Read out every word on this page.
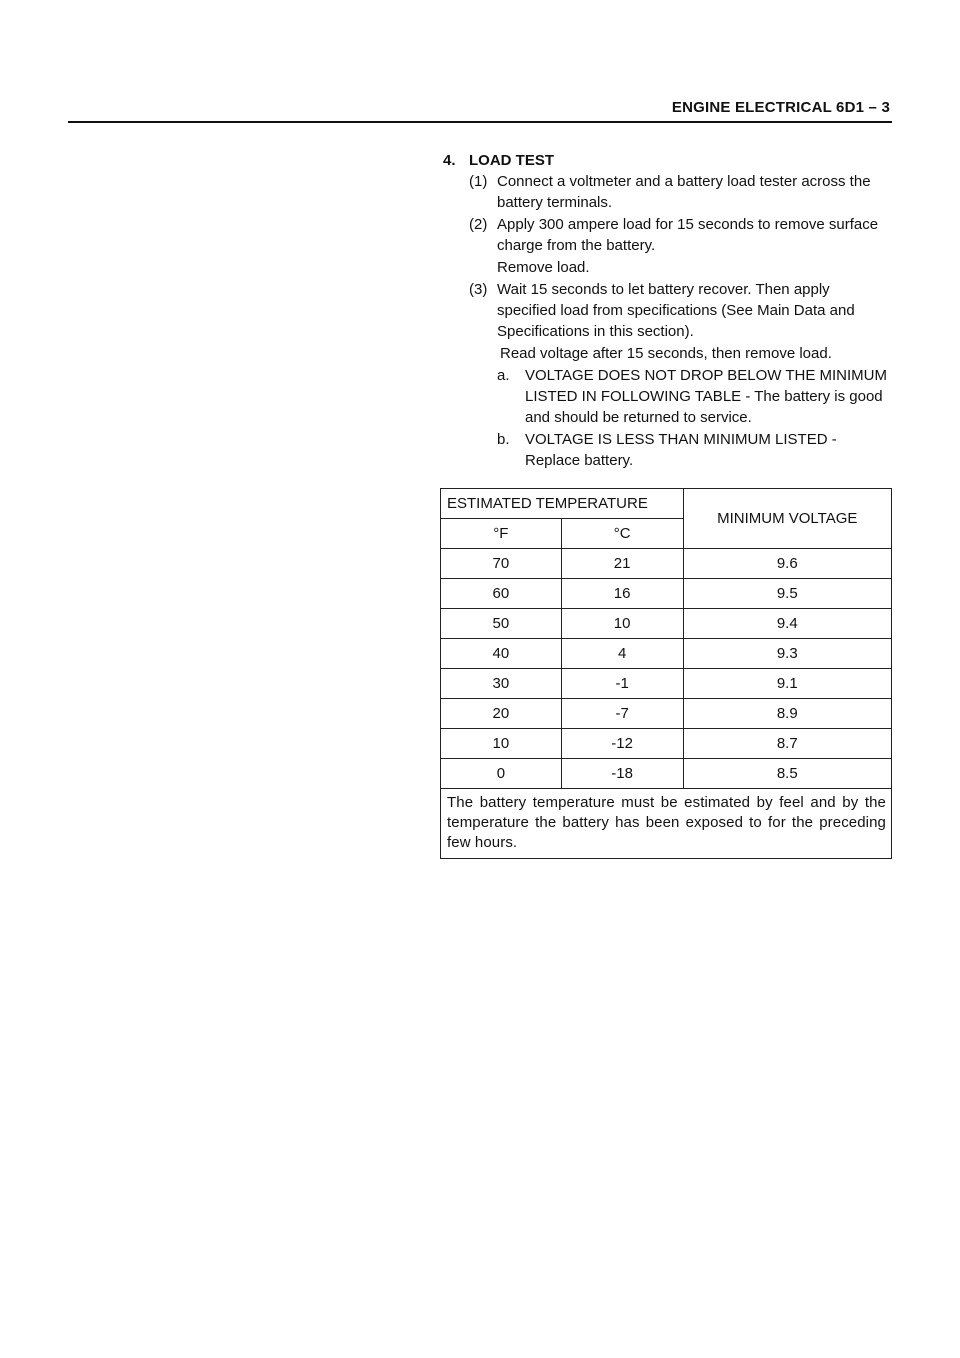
ENGINE ELECTRICAL 6D1 – 3
4. LOAD TEST
(1) Connect a voltmeter and a battery load tester across the battery terminals.
(2) Apply 300 ampere load for 15 seconds to remove surface charge from the battery.
Remove load.
(3) Wait 15 seconds to let battery recover. Then apply specified load from specifications (See Main Data and Specifications in this section).
Read voltage after 15 seconds, then remove load.
a.	VOLTAGE DOES NOT DROP BELOW THE MINIMUM LISTED IN FOLLOWING TABLE - The battery is good and should be returned to service.
b.	VOLTAGE IS LESS THAN MINIMUM LISTED - Replace battery.
ESTIMATED TEMPERATURE		MINIMUM VOLTAGE
°F	°C	
70	21	9.6
60	16	9.5
50	10	9.4
40	4	9.3
30	-1	9.1
20	-7	8.9
10	-12	8.7
0	-18	8.5
The battery temperature must be estimated by feel and by the temperature the battery has been exposed to for the preceding few hours.		
